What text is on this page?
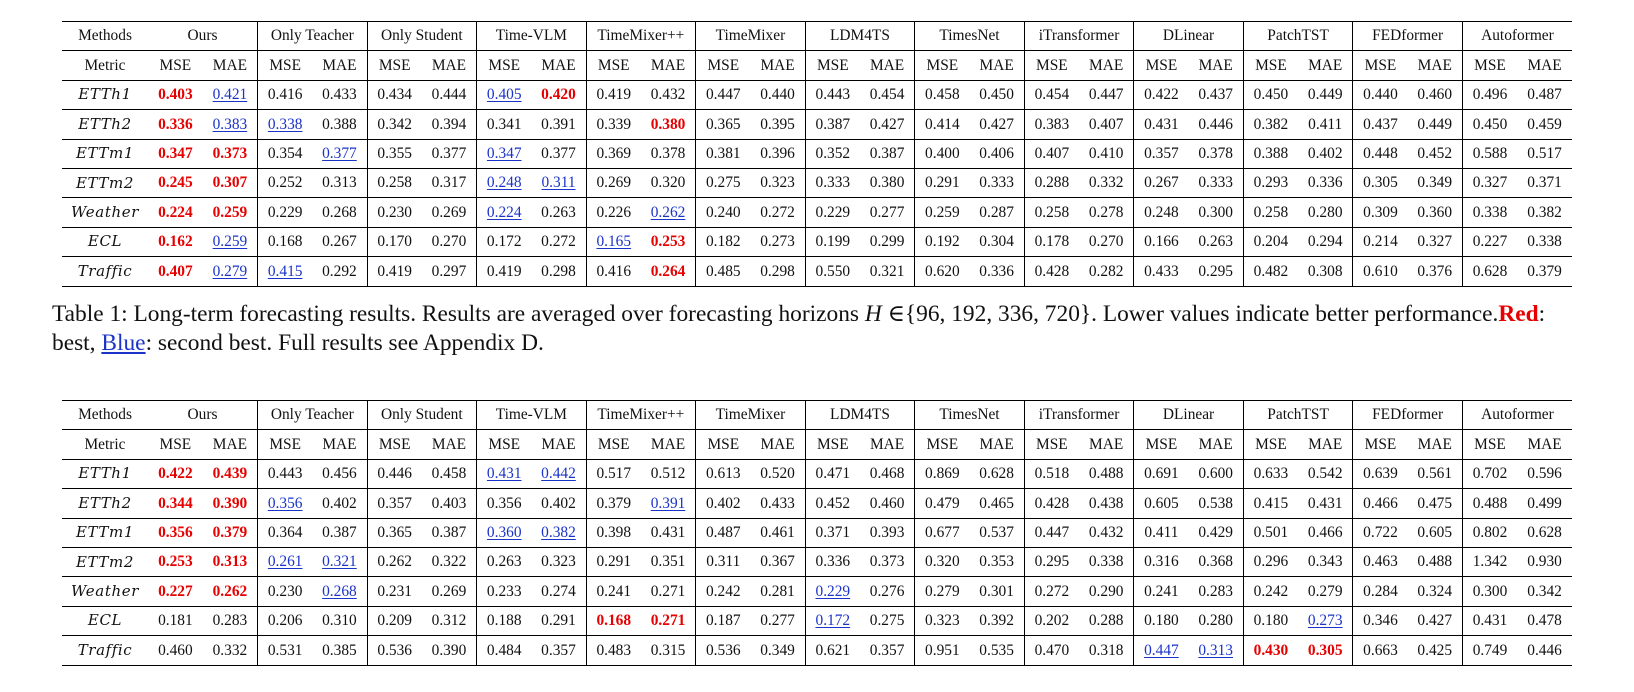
Methods	Ours		Only Teacher		Only Student		Time-VLM		TimeMixer++		TimeMixer		LDM4TS		TimesNet		iTransformer		DLinear		PatchTST		FEDformer		Autoformer	
Metric	MSE	MAE	MSE	MAE	MSE	MAE	MSE	MAE	MSE	MAE	MSE	MAE	MSE	MAE	MSE	MAE	MSE	MAE	MSE	MAE	MSE	MAE	MSE	MAE	MSE	MAE
ETTh1	0.403	0.421	0.416	0.433	0.434	0.444	0.405	0.420	0.419	0.432	0.447	0.440	0.443	0.454	0.458	0.450	0.454	0.447	0.422	0.437	0.450	0.449	0.440	0.460	0.496	0.487
ETTh2	0.336	0.383	0.338	0.388	0.342	0.394	0.341	0.391	0.339	0.380	0.365	0.395	0.387	0.427	0.414	0.427	0.383	0.407	0.431	0.446	0.382	0.411	0.437	0.449	0.450	0.459
ETTm1	0.347	0.373	0.354	0.377	0.355	0.377	0.347	0.377	0.369	0.378	0.381	0.396	0.352	0.387	0.400	0.406	0.407	0.410	0.357	0.378	0.388	0.402	0.448	0.452	0.588	0.517
ETTm2	0.245	0.307	0.252	0.313	0.258	0.317	0.248	0.311	0.269	0.320	0.275	0.323	0.333	0.380	0.291	0.333	0.288	0.332	0.267	0.333	0.293	0.336	0.305	0.349	0.327	0.371
Weather	0.224	0.259	0.229	0.268	0.230	0.269	0.224	0.263	0.226	0.262	0.240	0.272	0.229	0.277	0.259	0.287	0.258	0.278	0.248	0.300	0.258	0.280	0.309	0.360	0.338	0.382
ECL	0.162	0.259	0.168	0.267	0.170	0.270	0.172	0.272	0.165	0.253	0.182	0.273	0.199	0.299	0.192	0.304	0.178	0.270	0.166	0.263	0.204	0.294	0.214	0.327	0.227	0.338
Traffic	0.407	0.279	0.415	0.292	0.419	0.297	0.419	0.298	0.416	0.264	0.485	0.298	0.550	0.321	0.620	0.336	0.428	0.282	0.433	0.295	0.482	0.308	0.610	0.376	0.628	0.379

Table 1: Long-term forecasting results. Results are averaged over forecasting horizons H ∈{96, 192, 336, 720}. Lower values indicate better performance.Red: best, Blue: second best. Full results see Appendix D.

Methods	Ours		Only Teacher		Only Student		Time-VLM		TimeMixer++		TimeMixer		LDM4TS		TimesNet		iTransformer		DLinear		PatchTST		FEDformer		Autoformer	
Metric	MSE	MAE	MSE	MAE	MSE	MAE	MSE	MAE	MSE	MAE	MSE	MAE	MSE	MAE	MSE	MAE	MSE	MAE	MSE	MAE	MSE	MAE	MSE	MAE	MSE	MAE
ETTh1	0.422	0.439	0.443	0.456	0.446	0.458	0.431	0.442	0.517	0.512	0.613	0.520	0.471	0.468	0.869	0.628	0.518	0.488	0.691	0.600	0.633	0.542	0.639	0.561	0.702	0.596
ETTh2	0.344	0.390	0.356	0.402	0.357	0.403	0.356	0.402	0.379	0.391	0.402	0.433	0.452	0.460	0.479	0.465	0.428	0.438	0.605	0.538	0.415	0.431	0.466	0.475	0.488	0.499
ETTm1	0.356	0.379	0.364	0.387	0.365	0.387	0.360	0.382	0.398	0.431	0.487	0.461	0.371	0.393	0.677	0.537	0.447	0.432	0.411	0.429	0.501	0.466	0.722	0.605	0.802	0.628
ETTm2	0.253	0.313	0.261	0.321	0.262	0.322	0.263	0.323	0.291	0.351	0.311	0.367	0.336	0.373	0.320	0.353	0.295	0.338	0.316	0.368	0.296	0.343	0.463	0.488	1.342	0.930
Weather	0.227	0.262	0.230	0.268	0.231	0.269	0.233	0.274	0.241	0.271	0.242	0.281	0.229	0.276	0.279	0.301	0.272	0.290	0.241	0.283	0.242	0.279	0.284	0.324	0.300	0.342
ECL	0.181	0.283	0.206	0.310	0.209	0.312	0.188	0.291	0.168	0.271	0.187	0.277	0.172	0.275	0.323	0.392	0.202	0.288	0.180	0.280	0.180	0.273	0.346	0.427	0.431	0.478
Traffic	0.460	0.332	0.531	0.385	0.536	0.390	0.484	0.357	0.483	0.315	0.536	0.349	0.621	0.357	0.951	0.535	0.470	0.318	0.447	0.313	0.430	0.305	0.663	0.425	0.749	0.446
